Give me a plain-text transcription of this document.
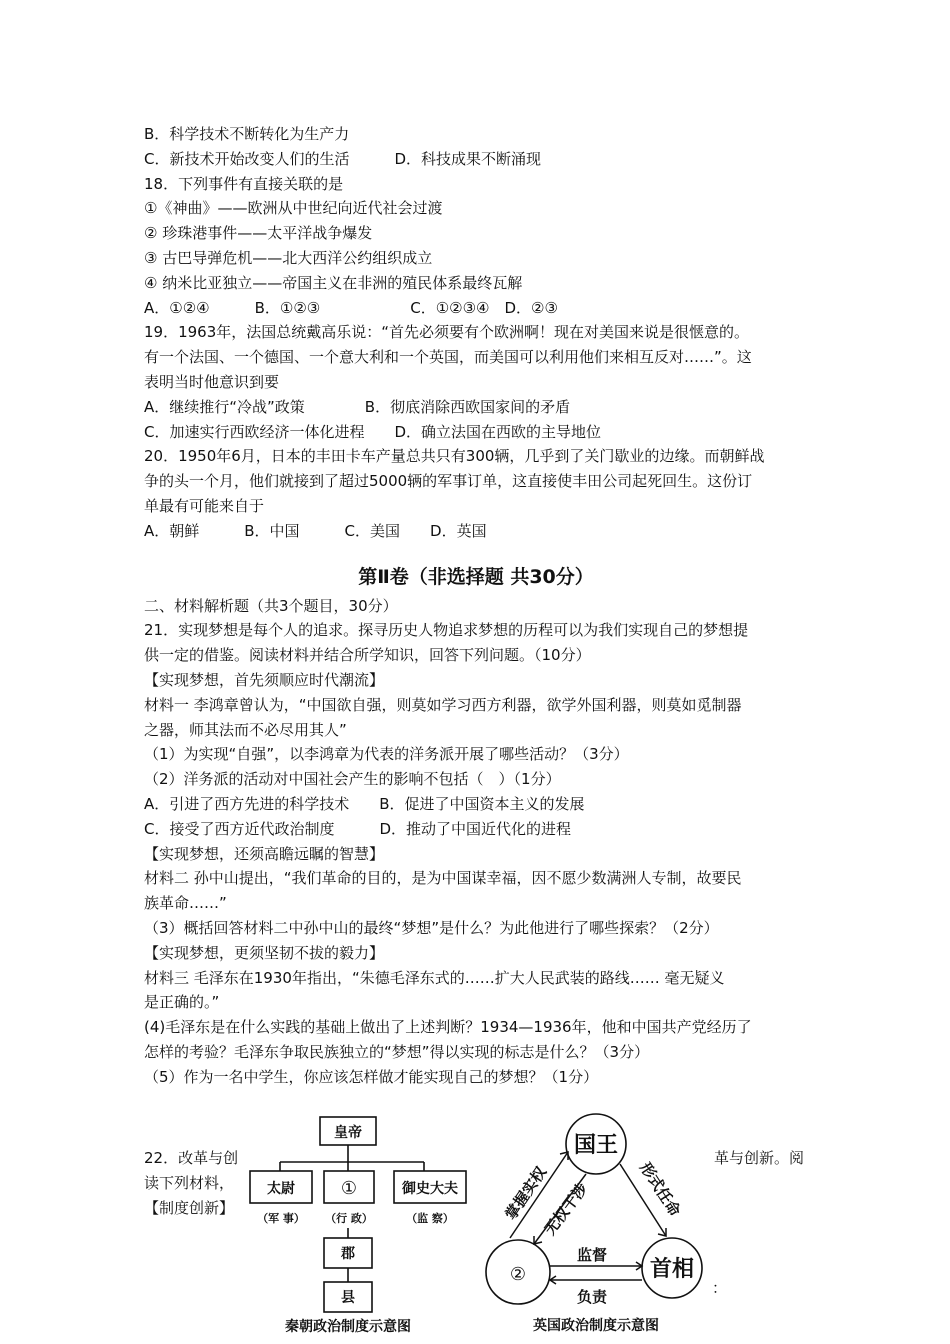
B．科学技术不断转化为生产力
C．新技术开始改变人们的生活　　　D．科技成果不断涌现
18．下列事件有直接关联的是
①《神曲》——欧洲从中世纪向近代社会过渡
② 珍珠港事件——太平洋战争爆发
③ 古巴导弹危机——北大西洋公约组织成立
④ 纳米比亚独立——帝国主义在非洲的殖民体系最终瓦解
A．①②④　　　B．①②③　　　　　　C．①②③④　D．②③
19．1963年，法国总统戴高乐说：“首先必须要有个欧洲啊！现在对美国来说是很惬意的。
有一个法国、一个德国、一个意大利和一个英国，而美国可以利用他们来相互反对……”。这
表明当时他意识到要
A．继续推行“冷战”政策　　　　B．彻底消除西欧国家间的矛盾
C．加速实行西欧经济一体化进程　　D．确立法国在西欧的主导地位
20．1950年6月，日本的丰田卡车产量总共只有300辆，几乎到了关门歇业的边缘。而朝鲜战
争的头一个月，他们就接到了超过5000辆的军事订单，这直接使丰田公司起死回生。这份订
单最有可能来自于
A．朝鲜　　　B．中国　　　C．美国　　D．英国
第Ⅱ卷（非选择题 共30分）
二、材料解析题（共3个题目，30分）
21．实现梦想是每个人的追求。探寻历史人物追求梦想的历程可以为我们实现自己的梦想提
供一定的借鉴。阅读材料并结合所学知识，回答下列问题。（10分）
【实现梦想，首先须顺应时代潮流】
材料一 李鸿章曾认为，“中国欲自强，则莫如学习西方利器，欲学外国利器，则莫如觅制器
之器，师其法而不必尽用其人”
（1）为实现“自强”，以李鸿章为代表的洋务派开展了哪些活动？（3分）
（2）洋务派的活动对中国社会产生的影响不包括（　）（1分）
A．引进了西方先进的科学技术　　B．促进了中国资本主义的发展
C．接受了西方近代政治制度　　　D．推动了中国近代化的进程
【实现梦想，还须高瞻远瞩的智慧】
材料二 孙中山提出，“我们革命的目的，是为中国谋幸福，因不愿少数满洲人专制，故要民
族革命……”
（3）概括回答材料二中孙中山的最终“梦想”是什么？为此他进行了哪些探索？（2分）
【实现梦想，更须坚韧不拔的毅力】
材料三 毛泽东在1930年指出，“朱德毛泽东式的……扩大人民武装的路线…… 毫无疑义
是正确的。”
(4)毛泽东是在什么实践的基础上做出了上述判断？1934—1936年，他和中国共产党经历了
怎样的考验？毛泽东争取民族独立的“梦想”得以实现的标志是什么？（3分）
（5）作为一名中学生，你应该怎样做才能实现自己的梦想？（1分）
22．改革与创	革与创新。阅
读下列材料，
【制度创新】
皇帝
太尉	①	御史大夫
（军 事） （行 政）	（监 察）
郡
县
秦朝政治制度示意图
国王
首相
②
掌握实权
无权干涉	形式任命
监督
负责
英国政治制度示意图
：
